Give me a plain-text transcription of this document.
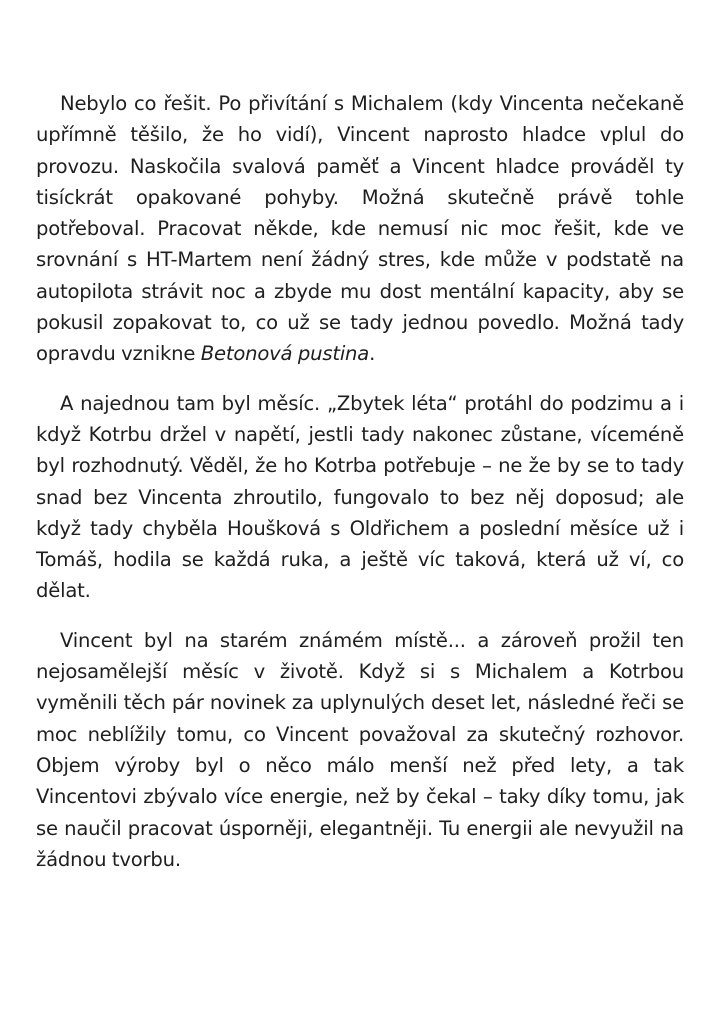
Nebylo co řešit. Po přivítání s Michalem (kdy Vincenta nečekaně upřímně těšilo, že ho vidí), Vincent naprosto hladce vplul do provozu. Naskočila svalová paměť a Vincent hladce prováděl ty tisíckrát opakované pohyby. Možná skutečně právě tohle potřeboval. Pracovat někde, kde nemusí nic moc řešit, kde ve srovnání s HT-Martem není žádný stres, kde může v podstatě na autopilota strávit noc a zbyde mu dost mentální kapacity, aby se pokusil zopakovat to, co už se tady jednou povedlo. Možná tady opravdu vznikne Betonová pustina.

A najednou tam byl měsíc. „Zbytek léta“ protáhl do podzimu a i když Kotrbu držel v napětí, jestli tady nakonec zůstane, víceméně byl rozhodnutý. Věděl, že ho Kotrba potřebuje – ne že by se to tady snad bez Vincenta zhroutilo, fungovalo to bez něj doposud; ale když tady chyběla Houšková s Oldřichem a poslední měsíce už i Tomáš, hodila se každá ruka, a ještě víc taková, která už ví, co dělat.

Vincent byl na starém známém místě... a zároveň prožil ten nejosamělejší měsíc v životě. Když si s Michalem a Kotrbou vyměnili těch pár novinek za uplynulých deset let, následné řeči se moc neblížily tomu, co Vincent považoval za skutečný rozhovor. Objem výroby byl o něco málo menší než před lety, a tak Vincentovi zbývalo více energie, než by čekal – taky díky tomu, jak se naučil pracovat úsporněji, elegantněji. Tu energii ale nevyužil na žádnou tvorbu.
